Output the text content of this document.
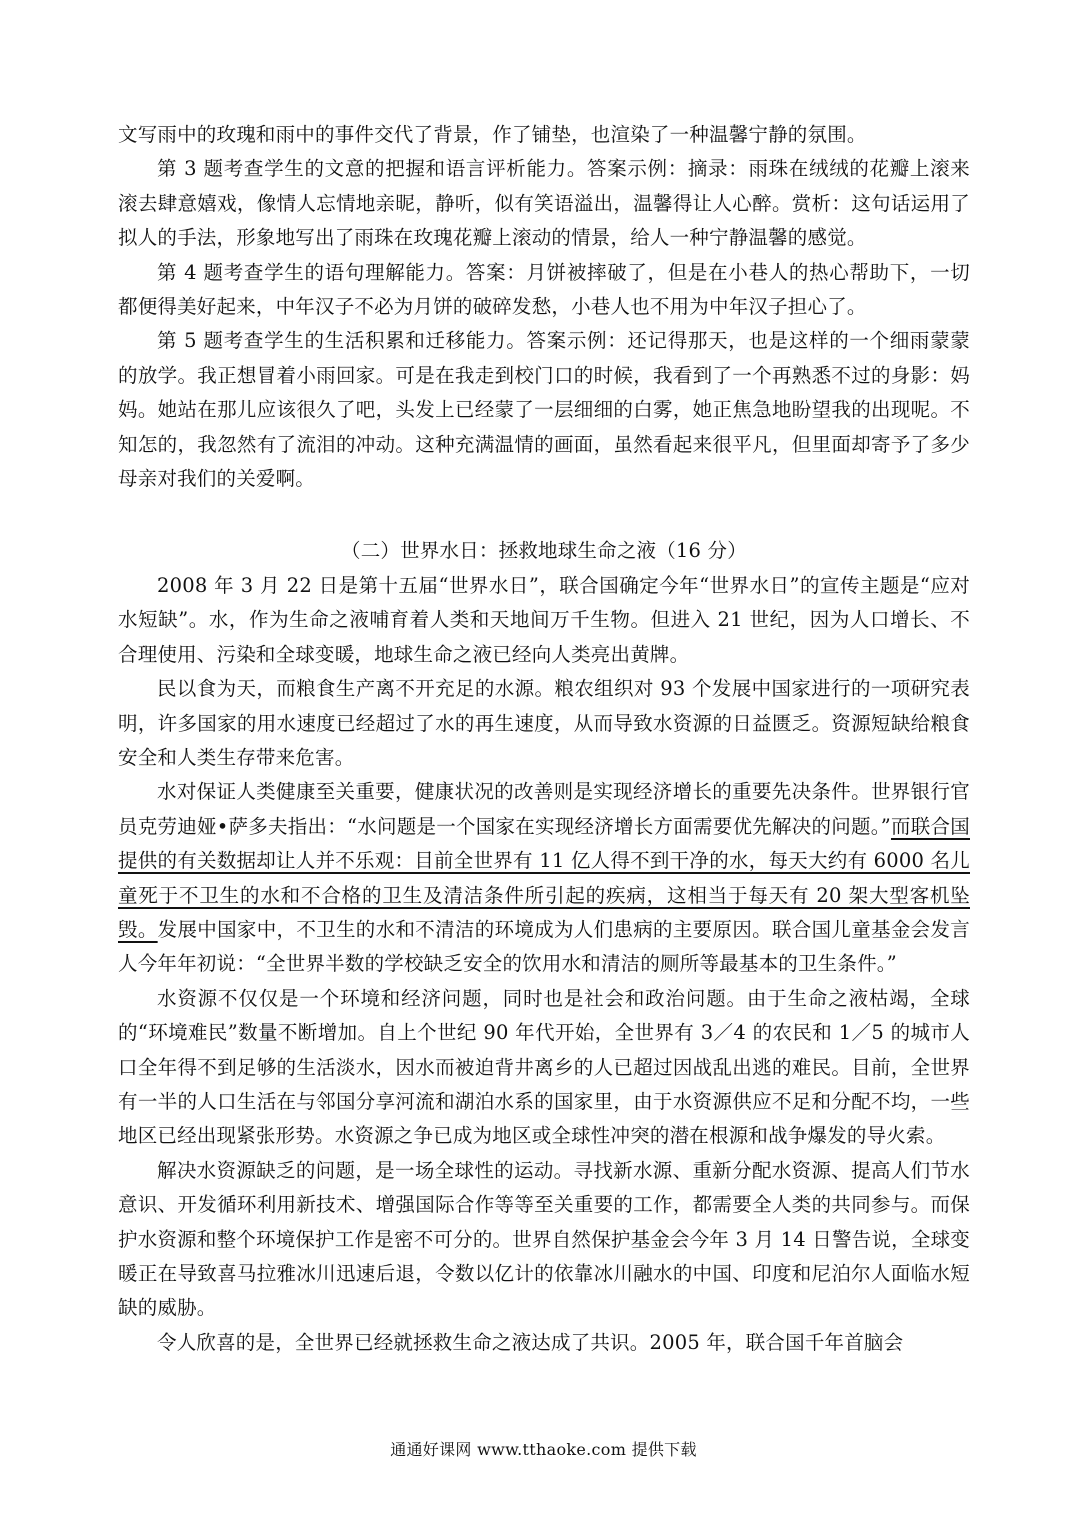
文写雨中的玫瑰和雨中的事件交代了背景，作了铺垫，也渲染了一种温馨宁静的氛围。

第 3 题考查学生的文意的把握和语言评析能力。答案示例：摘录：雨珠在绒绒的花瓣上滚来滚去肆意嬉戏，像情人忘情地亲昵，静听，似有笑语溢出，温馨得让人心醉。赏析：这句话运用了拟人的手法，形象地写出了雨珠在玫瑰花瓣上滚动的情景，给人一种宁静温馨的感觉。

第 4 题考查学生的语句理解能力。答案：月饼被摔破了，但是在小巷人的热心帮助下，一切都便得美好起来，中年汉子不必为月饼的破碎发愁，小巷人也不用为中年汉子担心了。

第 5 题考查学生的生活积累和迁移能力。答案示例：还记得那天，也是这样的一个细雨蒙蒙的放学。我正想冒着小雨回家。可是在我走到校门口的时候，我看到了一个再熟悉不过的身影：妈妈。她站在那儿应该很久了吧，头发上已经蒙了一层细细的白雾，她正焦急地盼望我的出现呢。不知怎的，我忽然有了流泪的冲动。这种充满温情的画面，虽然看起来很平凡，但里面却寄予了多少母亲对我们的关爱啊。

（二）世界水日：拯救地球生命之液（16 分）

2008 年 3 月 22 日是第十五届“世界水日”，联合国确定今年“世界水日”的宣传主题是“应对水短缺”。水，作为生命之液哺育着人类和天地间万千生物。但进入 21 世纪，因为人口增长、不合理使用、污染和全球变暖，地球生命之液已经向人类亮出黄牌。

民以食为天，而粮食生产离不开充足的水源。粮农组织对 93 个发展中国家进行的一项研究表明，许多国家的用水速度已经超过了水的再生速度，从而导致水资源的日益匮乏。资源短缺给粮食安全和人类生存带来危害。

水对保证人类健康至关重要，健康状况的改善则是实现经济增长的重要先决条件。世界银行官员克劳迪娅•萨多夫指出：“水问题是一个国家在实现经济增长方面需要优先解决的问题。”而联合国提供的有关数据却让人并不乐观：目前全世界有 11 亿人得不到干净的水，每天大约有 6000 名儿童死于不卫生的水和不合格的卫生及清洁条件所引起的疾病，这相当于每天有 20 架大型客机坠毁。发展中国家中，不卫生的水和不清洁的环境成为人们患病的主要原因。联合国儿童基金会发言人今年年初说：“全世界半数的学校缺乏安全的饮用水和清洁的厕所等最基本的卫生条件。”

水资源不仅仅是一个环境和经济问题，同时也是社会和政治问题。由于生命之液枯竭，全球的“环境难民”数量不断增加。自上个世纪 90 年代开始，全世界有 3／4 的农民和 1／5 的城市人口全年得不到足够的生活淡水，因水而被迫背井离乡的人已超过因战乱出逃的难民。目前，全世界有一半的人口生活在与邻国分享河流和湖泊水系的国家里，由于水资源供应不足和分配不均，一些地区已经出现紧张形势。水资源之争已成为地区或全球性冲突的潜在根源和战争爆发的导火索。

解决水资源缺乏的问题，是一场全球性的运动。寻找新水源、重新分配水资源、提高人们节水意识、开发循环利用新技术、增强国际合作等等至关重要的工作，都需要全人类的共同参与。而保护水资源和整个环境保护工作是密不可分的。世界自然保护基金会今年 3 月 14 日警告说，全球变暖正在导致喜马拉雅冰川迅速后退，令数以亿计的依靠冰川融水的中国、印度和尼泊尔人面临水短缺的威胁。

令人欣喜的是，全世界已经就拯救生命之液达成了共识。2005 年，联合国千年首脑会

通通好课网 www.tthaoke.com 提供下载
